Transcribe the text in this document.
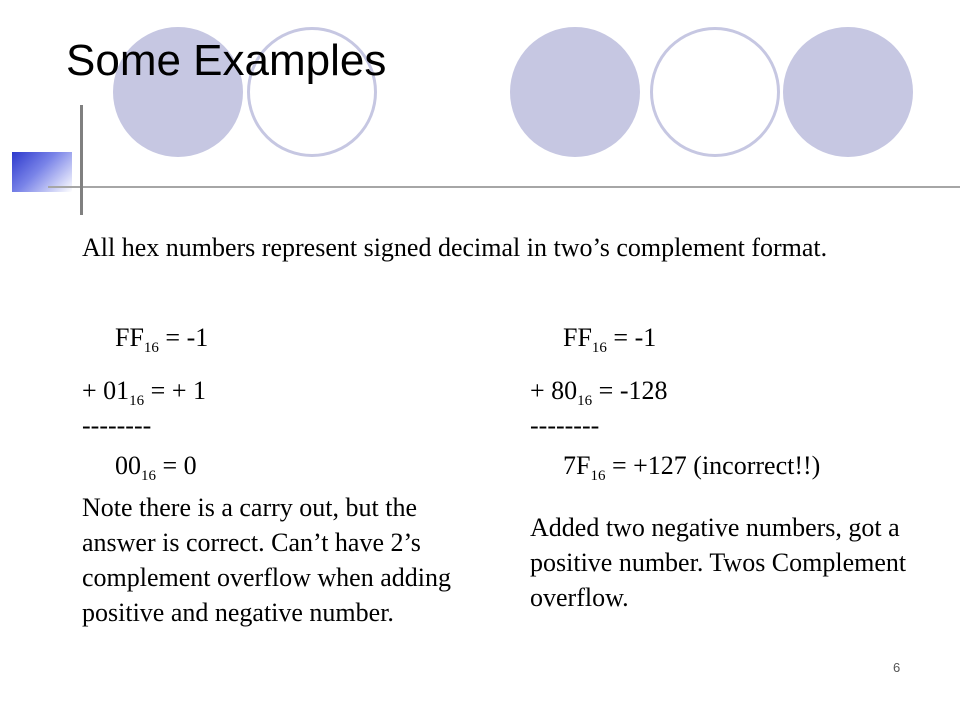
Some Examples

All hex numbers represent signed decimal in two’s complement format.

$FF_{16} = -1$
+ $01_{16}$ = + 1
--------
$00_{16} = 0$

Note there is a carry out, but the answer is correct. Can’t have 2’s complement overflow when adding positive and negative number.

$FF_{16} = -1$
+ $80_{16} = -128$
--------
$7F_{16} = +127$ (incorrect!!)

Added two negative numbers, got a positive number. Twos Complement overflow.

6
